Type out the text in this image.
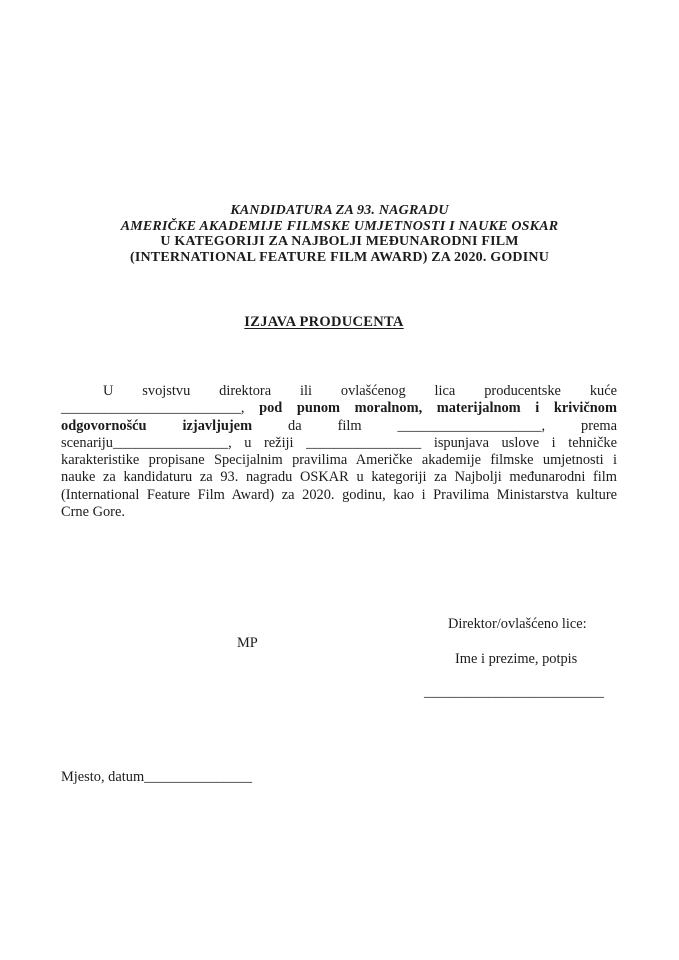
KANDIDATURA ZA 93. NAGRADU
AMERIČKE AKADEMIJE FILMSKE UMJETNOSTI I NAUKE OSKAR
U KATEGORIJI ZA NAJBOLJI MEĐUNARODNI FILM
(INTERNATIONAL FEATURE FILM AWARD) ZA 2020. GODINU
IZJAVA PRODUCENTA
U svojstvu direktora ili ovlašćenog lica producentske kuće
_________________________, pod punom moralnom, materijalnom i krivičnom
odgovornošću izjavljujem da film ____________________, prema
scenariju________________, u režiji ________________ ispunjava uslove i tehničke
karakteristike propisane Specijalnim pravilima Američke akademije filmske umjetnosti i
nauke za kandidaturu za 93. nagradu OSKAR u kategoriji za Najbolji međunarodni film
(International Feature Film Award) za 2020. godinu, kao i Pravilima Ministarstva kulture
Crne Gore.
Direktor/ovlašćeno lice:
MP
Ime i prezime, potpis
_________________________
Mjesto, datum_______________
